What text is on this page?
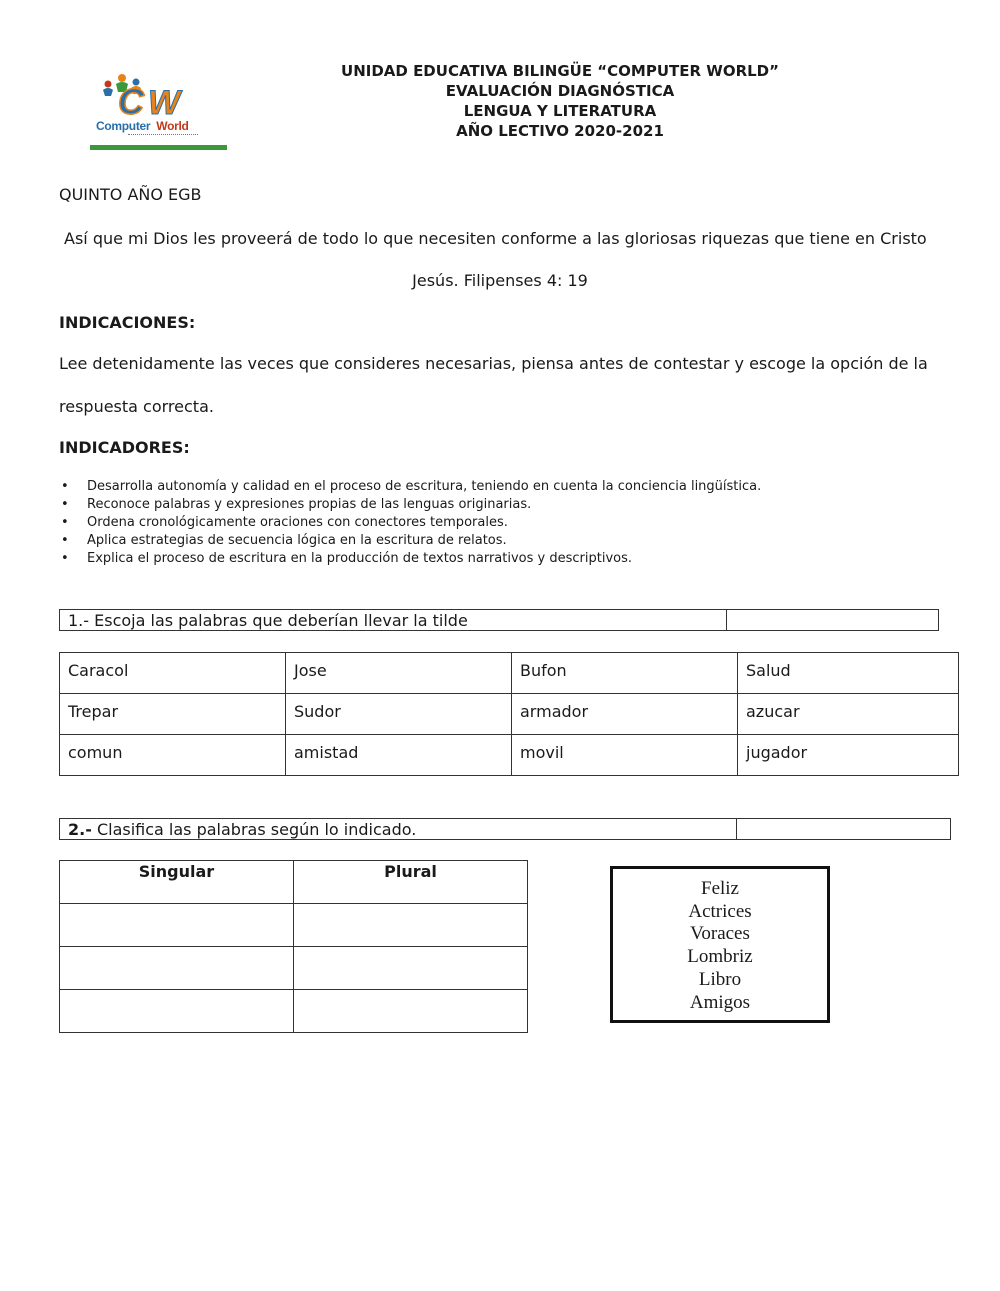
C W
Computer World
UNIDAD EDUCATIVA BILINGÜE “COMPUTER WORLD”
EVALUACIÓN DIAGNÓSTICA
LENGUA Y LITERATURA
AÑO LECTIVO 2020-2021
QUINTO AÑO EGB
Así que mi Dios les proveerá de todo lo que necesiten conforme a las gloriosas riquezas que tiene en Cristo
Jesús. Filipenses 4: 19
INDICACIONES:
Lee detenidamente las veces que consideres necesarias, piensa antes de contestar y escoge la opción de la
respuesta correcta.
INDICADORES:
• Desarrolla autonomía y calidad en el proceso de escritura, teniendo en cuenta la conciencia lingüística.
• Reconoce palabras y expresiones propias de las lenguas originarias.
• Ordena cronológicamente oraciones con conectores temporales.
• Aplica estrategias de secuencia lógica en la escritura de relatos.
• Explica el proceso de escritura en la producción de textos narrativos y descriptivos.
1.- Escoja las palabras que deberían llevar la tilde	
Caracol	Jose	Bufon	Salud
Trepar	Sudor	armador	azucar
comun	amistad	movil	jugador
2.- Clasifica las palabras según lo indicado.	
Singular	Plural

Feliz
Actrices
Voraces
Lombriz
Libro
Amigos
